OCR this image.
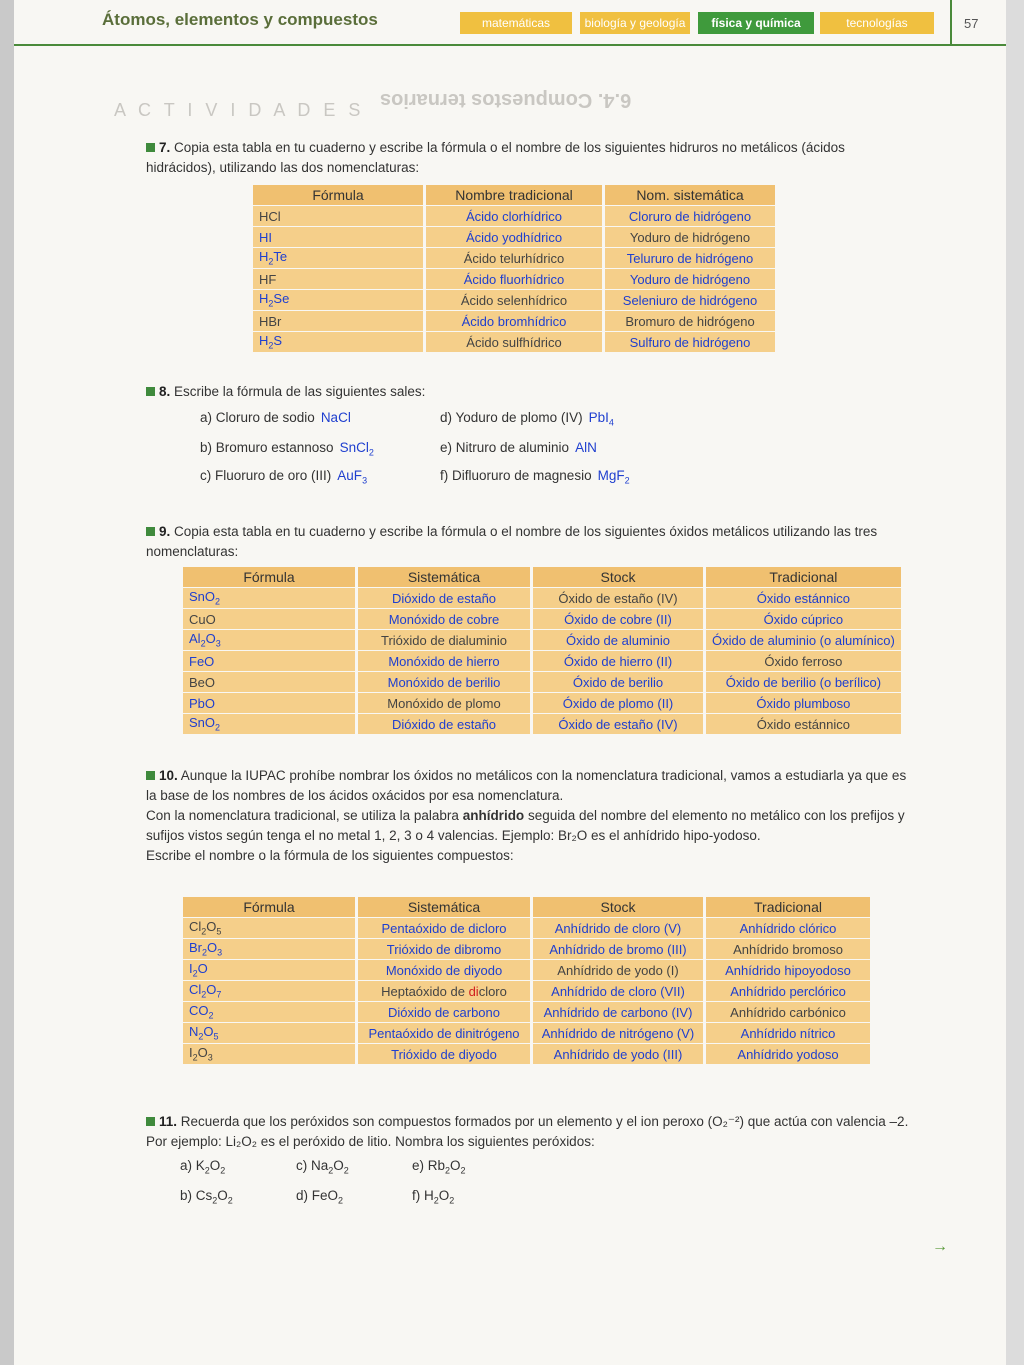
Átomos, elementos y compuestos	matemáticas	biología y geología	física y química	tecnologías	57
6.4. Compuestos ternarios
A C T I V I D A D E S
7. Copia esta tabla en tu cuaderno y escribe la fórmula o el nombre de los siguientes hidruros no metálicos (ácidos hidrácidos), utilizando las dos nomenclaturas:
Fórmula	Nombre tradicional	Nom. sistemática
HCl	Ácido clorhídrico	Cloruro de hidrógeno
HI	Ácido yodhídrico	Yoduro de hidrógeno
$H_2Te$	Ácido telurhídrico	Telururo de hidrógeno
HF	Ácido fluorhídrico	Yoduro de hidrógeno
$H_2Se$	Ácido selenhídrico	Seleniuro de hidrógeno
HBr	Ácido bromhídrico	Bromuro de hidrógeno
$H_2S$	Ácido sulfhídrico	Sulfuro de hidrógeno
8. Escribe la fórmula de las siguientes sales:
a) Cloruro de sodio NaCl
b) Bromuro estannoso SnCl$_2$
c) Fluoruro de oro (III) AuF$_3$
d) Yoduro de plomo (IV) PbI$_4$
e) Nitruro de aluminio AlN
f) Difluoruro de magnesio MgF$_2$
9. Copia esta tabla en tu cuaderno y escribe la fórmula o el nombre de los siguientes óxidos metálicos utilizando las tres nomenclaturas:
Fórmula	Sistemática	Stock	Tradicional
SnO$_2$	Dióxido de estaño	Óxido de estaño (IV)	Óxido estánnico
CuO	Monóxido de cobre	Óxido de cobre (II)	Óxido cúprico
$Al_2O_3$	Trióxido de dialuminio	Óxido de aluminio	Óxido de aluminio (o alumínico)
FeO	Monóxido de hierro	Óxido de hierro (II)	Óxido ferroso
BeO	Monóxido de berilio	Óxido de berilio	Óxido de berilio (o berílico)
PbO	Monóxido de plomo	Óxido de plomo (II)	Óxido plumboso
SnO$_2$	Dióxido de estaño	Óxido de estaño (IV)	Óxido estánnico
10. Aunque la IUPAC prohíbe nombrar los óxidos no metálicos con la nomenclatura tradicional, vamos a estudiarla ya que es la base de los nombres de los ácidos oxácidos por esa nomenclatura.
Con la nomenclatura tradicional, se utiliza la palabra anhídrido seguida del nombre del elemento no metálico con los prefijos y sufijos vistos según tenga el no metal 1, 2, 3 o 4 valencias. Ejemplo: Br₂O es el anhídrido hipo-yodoso.
Escribe el nombre o la fórmula de los siguientes compuestos:
Fórmula	Sistemática	Stock	Tradicional
$Cl_2O_5$	Pentaóxido de dicloro	Anhídrido de cloro (V)	Anhídrido clórico
$Br_2O_3$	Trióxido de dibromo	Anhídrido de bromo (III)	Anhídrido bromoso
$I_2O$	Monóxido de diyodo	Anhídrido de yodo (I)	Anhídrido hipoyodoso
$Cl_2O_7$	Heptaóxido de dicloro	Anhídrido de cloro (VII)	Anhídrido perclórico
$CO_2$	Dióxido de carbono	Anhídrido de carbono (IV)	Anhídrido carbónico
$N_2O_5$	Pentaóxido de dinitrógeno	Anhídrido de nitrógeno (V)	Anhídrido nítrico
$I_2O_3$	Trióxido de diyodo	Anhídrido de yodo (III)	Anhídrido yodoso
11. Recuerda que los peróxidos son compuestos formados por un elemento y el ion peroxo (O₂⁻²) que actúa con valencia –2. Por ejemplo: Li₂O₂ es el peróxido de litio. Nombra los siguientes peróxidos:
a) $K_2O_2$	c) $Na_2O_2$	e) $Rb_2O_2$
b) $Cs_2O_2$	d) FeO$_2$	f) $H_2O_2$
→
